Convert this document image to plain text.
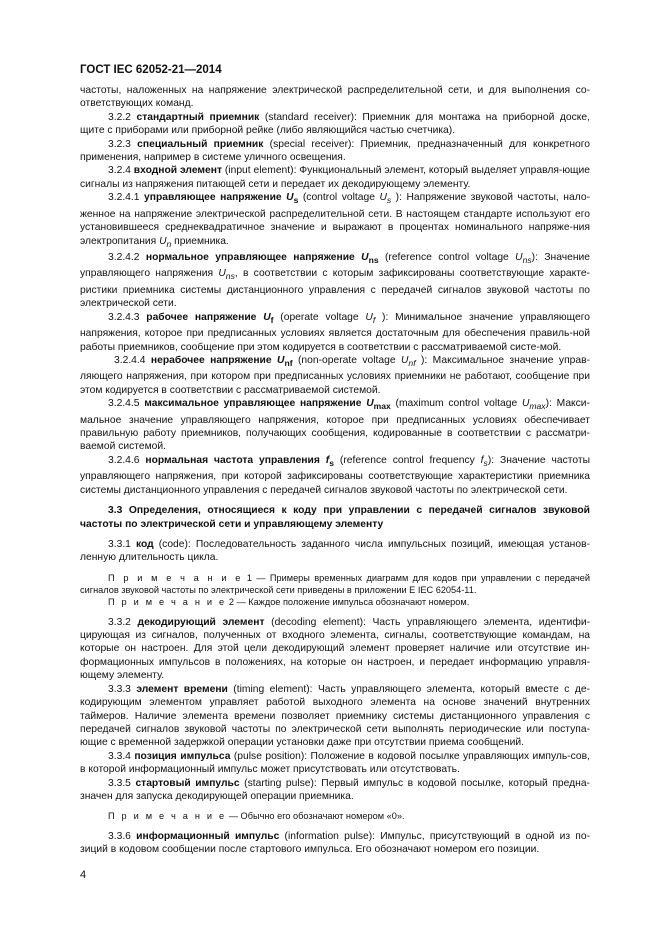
ГОСТ IEC 62052-21—2014

частоты, наложенных на напряжение электрической распределительной сети, и для выполнения со-ответствующих команд.

3.2.2 стандартный приемник (standard receiver): Приемник для монтажа на приборной доске, щите с приборами или приборной рейке (либо являющийся частью счетчика).

3.2.3 специальный приемник (special receiver): Приемник, предназначенный для конкретного применения, например в системе уличного освещения.

3.2.4 входной элемент (input element): Функциональный элемент, который выделяет управля-ющие сигналы из напряжения питающей сети и передает их декодирующему элементу.

3.2.4.1 управляющее напряжение $U_s$ (control voltage $U_s$ ): Напряжение звуковой частоты, нало-женное на напряжение электрической распределительной сети. В настоящем стандарте используют его установившееся среднеквадратичное значение и выражают в процентах номинального напряже-ния электропитания $U_n$ приемника.

3.2.4.2 нормальное управляющее напряжение $U_{ns}$ (reference control voltage $U_{ns}$): Значение управляющего напряжения $U_{ns}$, в соответствии с которым зафиксированы соответствующие характе-ристики приемника системы дистанционного управления с передачей сигналов звуковой частоты по электрической сети.

3.2.4.3 рабочее напряжение $U_f$ (operate voltage $U_f$ ): Минимальное значение управляющего напряжения, которое при предписанных условиях является достаточным для обеспечения правиль-ной работы приемников, сообщение при этом кодируется в соответствии с рассматриваемой систе-мой.

3.2.4.4 нерабочее напряжение $U_{nf}$ (non-operate voltage $U_{nf}$ ): Максимальное значение управ-ляющего напряжения, при котором при предписанных условиях приемники не работают, сообщение при этом кодируется в соответствии с рассматриваемой системой.

3.2.4.5 максимальное управляющее напряжение $U_{max}$ (maximum control voltage $U_{max}$): Макси-мальное значение управляющего напряжения, которое при предписанных условиях обеспечивает правильную работу приемников, получающих сообщения, кодированные в соответствии с рассматри-ваемой системой.

3.2.4.6 нормальная частота управления $f_s$ (reference control frequency $f_s$): Значение частоты управляющего напряжения, при которой зафиксированы соответствующие характеристики приемника системы дистанционного управления с передачей сигналов звуковой частоты по электрической сети.

3.3 Определения, относящиеся к коду при управлении с передачей сигналов звуковой частоты по электрической сети и управляющему элементу

3.3.1 код (code): Последовательность заданного числа импульсных позиций, имеющая установ-ленную длительность цикла.

П р и м е ч а н и е 1 — Примеры временных диаграмм для кодов при управлении с передачей сигналов звуковой частоты по электрической сети приведены в приложении Е IEC 62054-11.

П р и м е ч а н и е 2 — Каждое положение импульса обозначают номером.

3.3.2 декодирующий элемент (decoding element): Часть управляющего элемента, идентифи-цирующая из сигналов, полученных от входного элемента, сигналы, соответствующие командам, на которые он настроен. Для этой цели декодирующий элемент проверяет наличие или отсутствие ин-формационных импульсов в положениях, на которые он настроен, и передает информацию управля-ющему элементу.

3.3.3 элемент времени (timing element): Часть управляющего элемента, который вместе с де-кодирующим элементом управляет работой выходного элемента на основе значений внутренних таймеров. Наличие элемента времени позволяет приемнику системы дистанционного управления с передачей сигналов звуковой частоты по электрической сети выполнять периодические или поступа-ющие с временной задержкой операции установки даже при отсутствии приема сообщений.

3.3.4 позиция импульса (pulse position): Положение в кодовой посылке управляющих импуль-сов, в которой информационный импульс может присутствовать или отсутствовать.

3.3.5 стартовый импульс (starting pulse): Первый импульс в кодовой посылке, который предна-значен для запуска декодирующей операции приемника.

П р и м е ч а н и е — Обычно его обозначают номером «0».

3.3.6 информационный импульс (information pulse): Импульс, присутствующий в одной из по-зиций в кодовом сообщении после стартового импульса. Его обозначают номером его позиции.

4
